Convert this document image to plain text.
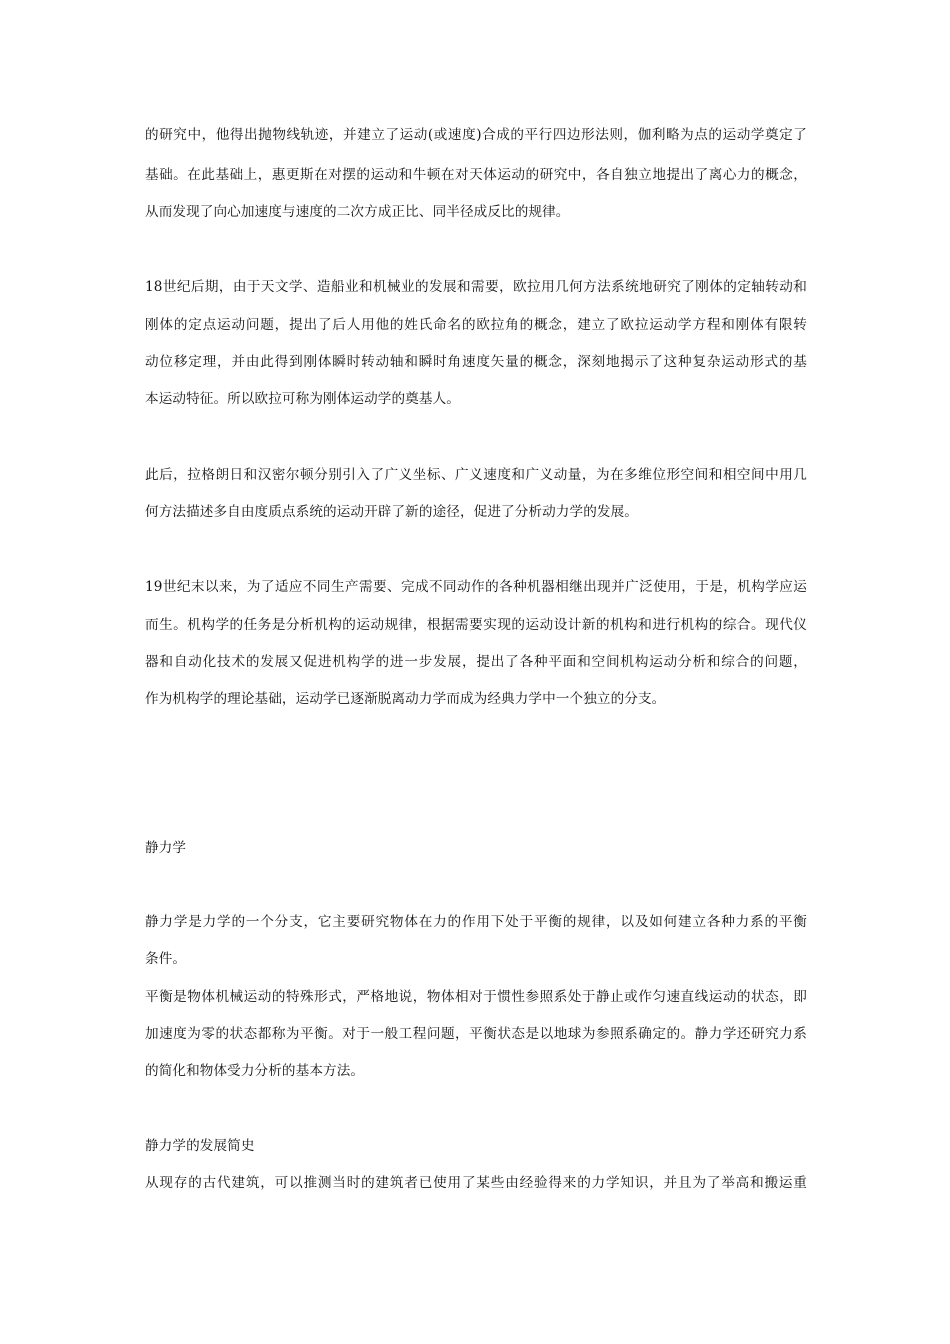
的研究中，他得出抛物线轨迹，并建立了运动(或速度)合成的平行四边形法则，伽利略为点的运动学奠定了
基础。在此基础上，惠更斯在对摆的运动和牛顿在对天体运动的研究中，各自独立地提出了离心力的概念，
从而发现了向心加速度与速度的二次方成正比、同半径成反比的规律。
18世纪后期，由于天文学、造船业和机械业的发展和需要，欧拉用几何方法系统地研究了刚体的定轴转动和
刚体的定点运动问题，提出了后人用他的姓氏命名的欧拉角的概念，建立了欧拉运动学方程和刚体有限转
动位移定理，并由此得到刚体瞬时转动轴和瞬时角速度矢量的概念，深刻地揭示了这种复杂运动形式的基
本运动特征。所以欧拉可称为刚体运动学的奠基人。
此后，拉格朗日和汉密尔顿分别引入了广义坐标、广义速度和广义动量，为在多维位形空间和相空间中用几
何方法描述多自由度质点系统的运动开辟了新的途径，促进了分析动力学的发展。
19世纪末以来，为了适应不同生产需要、完成不同动作的各种机器相继出现并广泛使用，于是，机构学应运
而生。机构学的任务是分析机构的运动规律，根据需要实现的运动设计新的机构和进行机构的综合。现代仪
器和自动化技术的发展又促进机构学的进一步发展，提出了各种平面和空间机构运动分析和综合的问题，
作为机构学的理论基础，运动学已逐渐脱离动力学而成为经典力学中一个独立的分支。
静力学
静力学是力学的一个分支，它主要研究物体在力的作用下处于平衡的规律，以及如何建立各种力系的平衡
条件。
平衡是物体机械运动的特殊形式，严格地说，物体相对于惯性参照系处于静止或作匀速直线运动的状态，即
加速度为零的状态都称为平衡。对于一般工程问题，平衡状态是以地球为参照系确定的。静力学还研究力系
的简化和物体受力分析的基本方法。
静力学的发展简史
从现存的古代建筑，可以推测当时的建筑者已使用了某些由经验得来的力学知识，并且为了举高和搬运重
